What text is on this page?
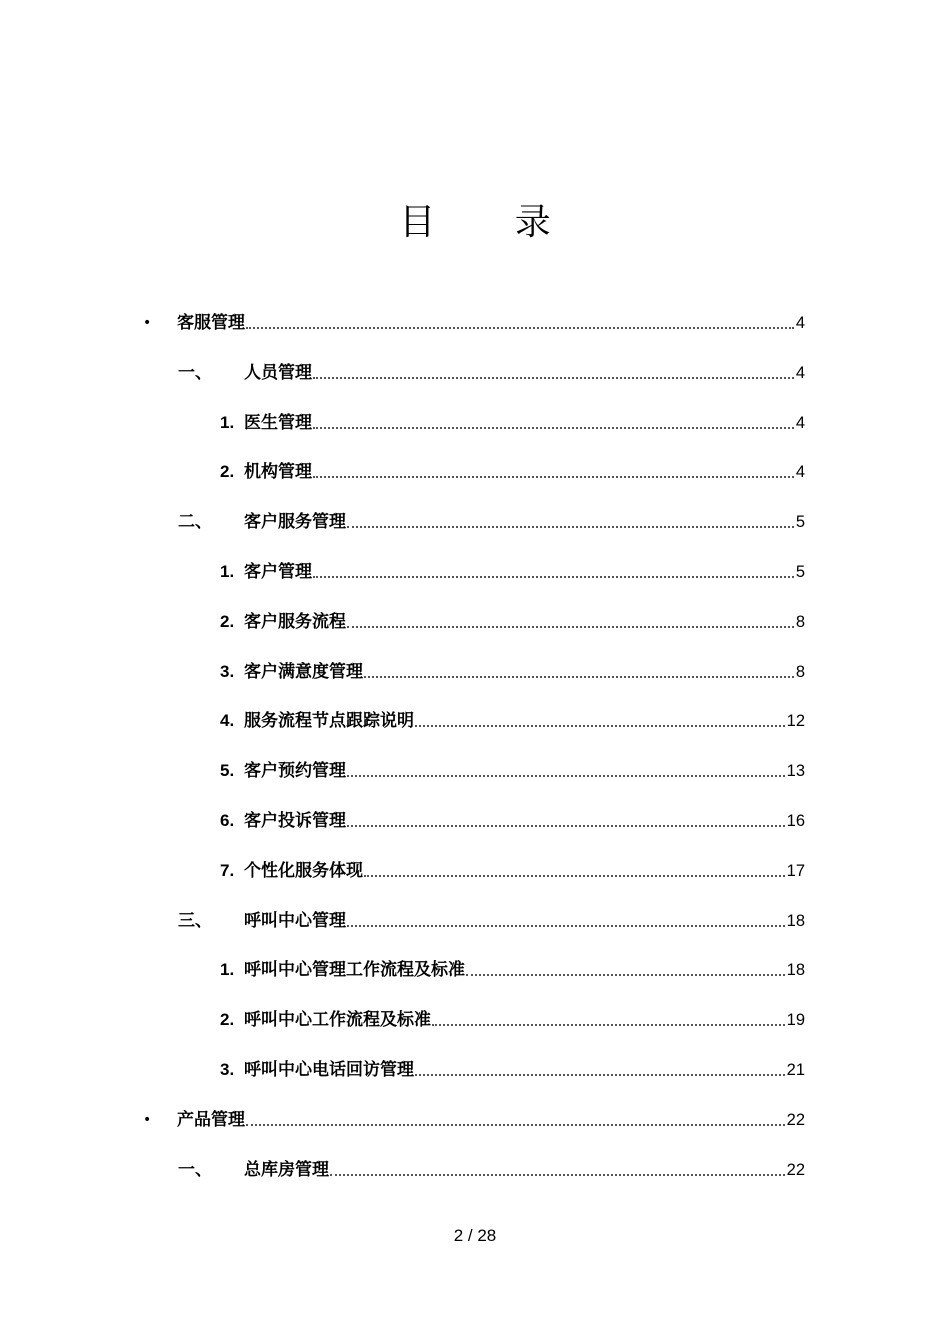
目 录
• 客服管理	4
一、 人员管理	4
1. 医生管理	4
2. 机构管理	4
二、 客户服务管理	5
1. 客户管理	5
2. 客户服务流程	8
3. 客户满意度管理	8
4. 服务流程节点跟踪说明	12
5. 客户预约管理	13
6. 客户投诉管理	16
7. 个性化服务体现	17
三、 呼叫中心管理	18
1. 呼叫中心管理工作流程及标准	18
2. 呼叫中心工作流程及标准	19
3. 呼叫中心电话回访管理	21
• 产品管理	22
一、 总库房管理	22
2 / 28
